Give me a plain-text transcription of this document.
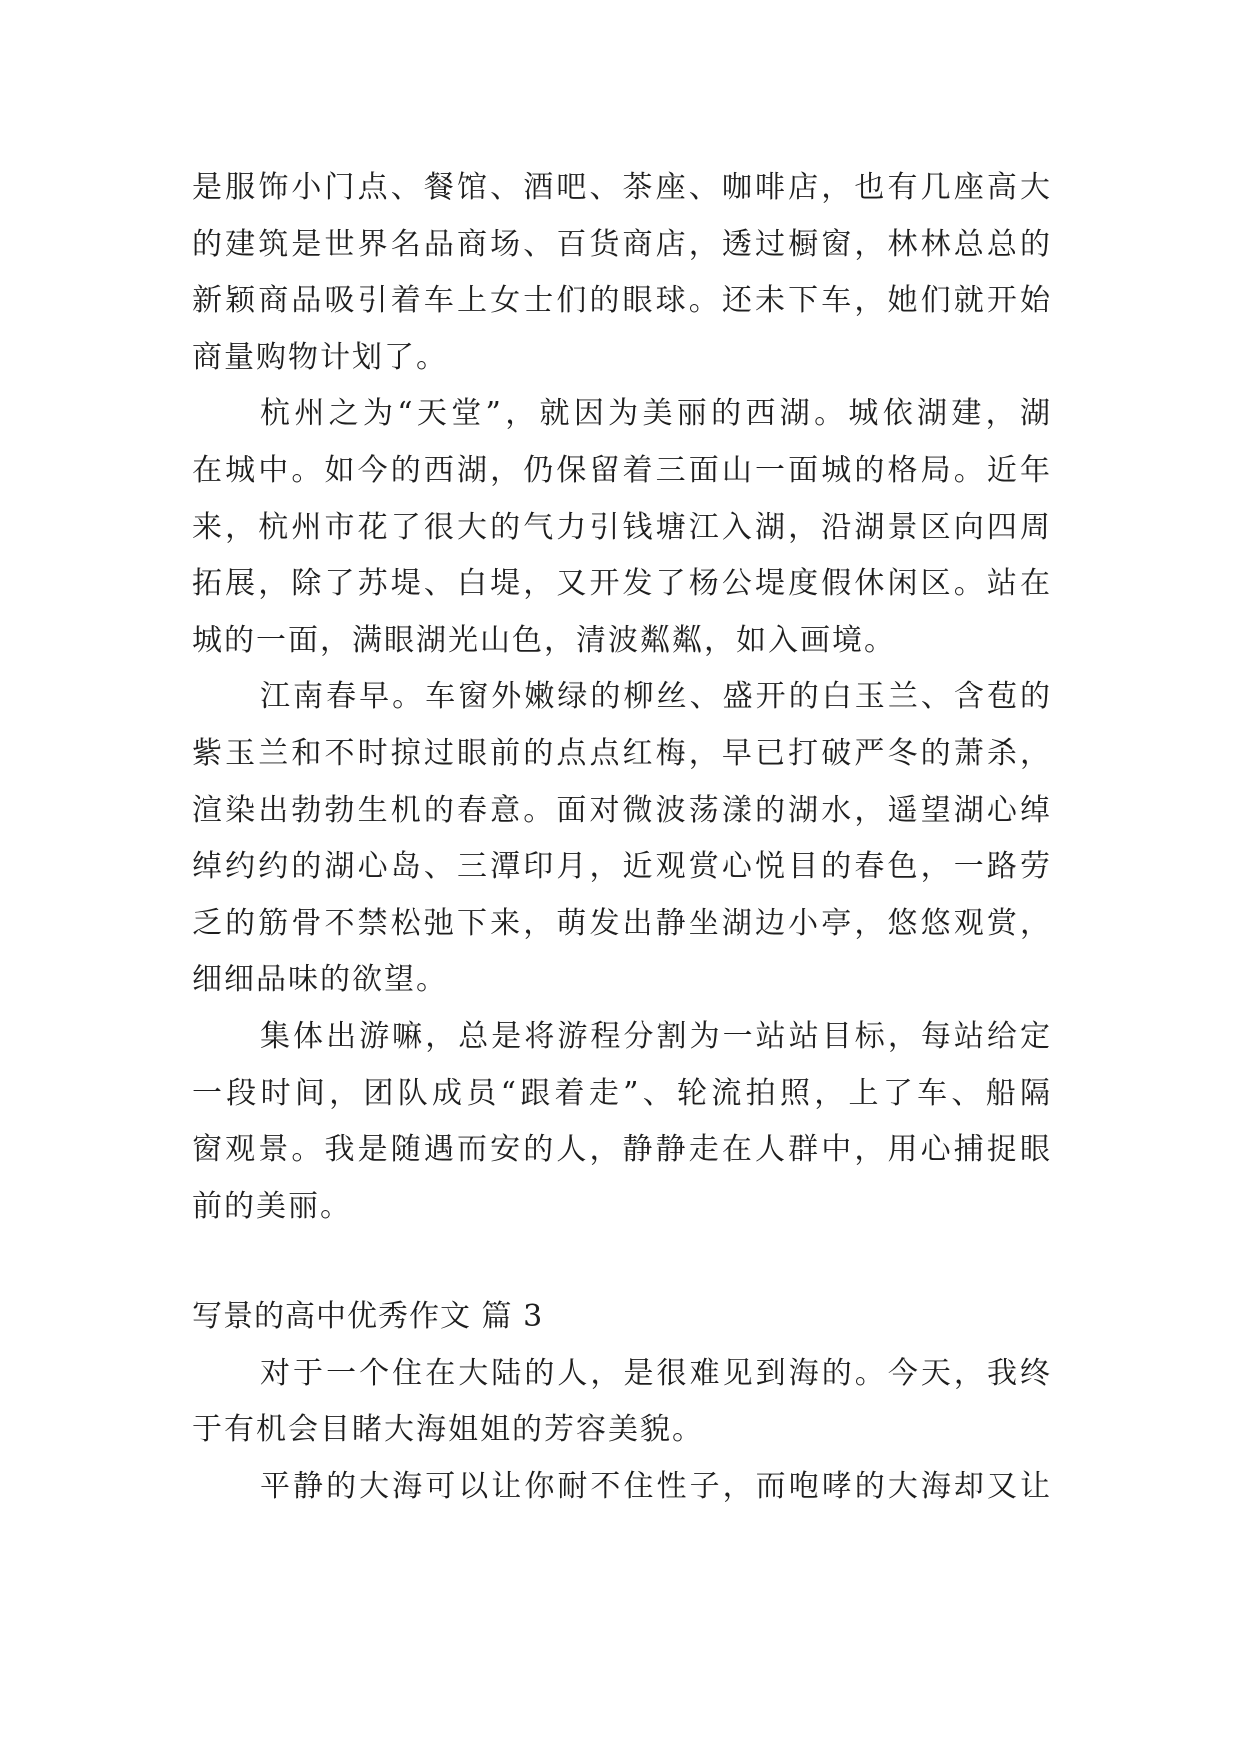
是服饰小门点、餐馆、酒吧、茶座、咖啡店，也有几座高大
的建筑是世界名品商场、百货商店，透过橱窗，林林总总的
新颖商品吸引着车上女士们的眼球。还未下车，她们就开始
商量购物计划了。
杭州之为“天堂”，就因为美丽的西湖。城依湖建，湖
在城中。如今的西湖，仍保留着三面山一面城的格局。近年
来，杭州市花了很大的气力引钱塘江入湖，沿湖景区向四周
拓展，除了苏堤、白堤，又开发了杨公堤度假休闲区。站在
城的一面，满眼湖光山色，清波粼粼，如入画境。
江南春早。车窗外嫩绿的柳丝、盛开的白玉兰、含苞的
紫玉兰和不时掠过眼前的点点红梅，早已打破严冬的萧杀，
渲染出勃勃生机的春意。面对微波荡漾的湖水，遥望湖心绰
绰约约的湖心岛、三潭印月，近观赏心悦目的春色，一路劳
乏的筋骨不禁松弛下来，萌发出静坐湖边小亭，悠悠观赏，
细细品味的欲望。
集体出游嘛，总是将游程分割为一站站目标，每站给定
一段时间，团队成员“跟着走”、轮流拍照，上了车、船隔
窗观景。我是随遇而安的人，静静走在人群中，用心捕捉眼
前的美丽。
写景的高中优秀作文 篇 3
对于一个住在大陆的人，是很难见到海的。今天，我终
于有机会目睹大海姐姐的芳容美貌。
平静的大海可以让你耐不住性子，而咆哮的大海却又让
